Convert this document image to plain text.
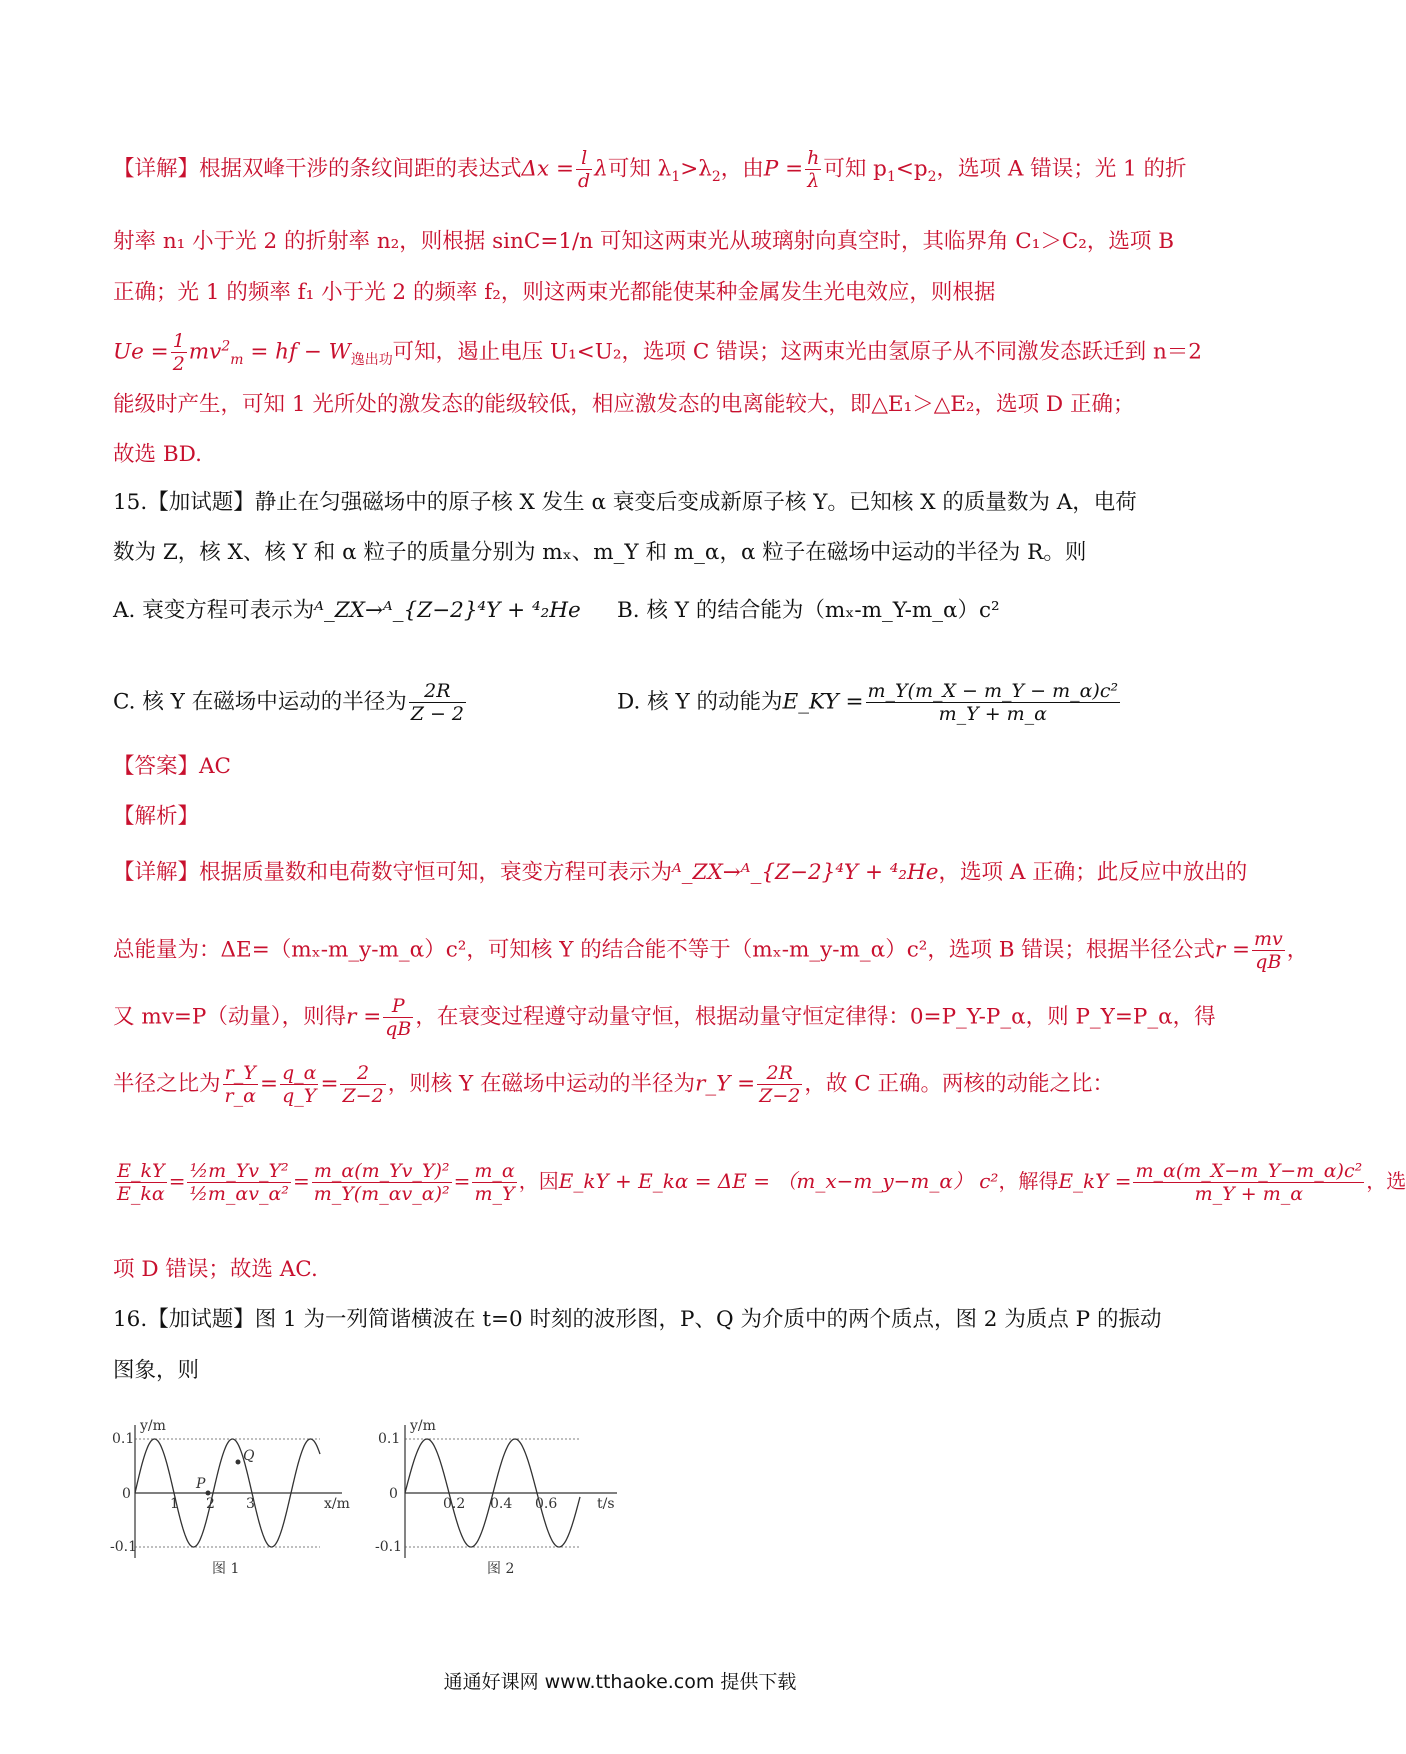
【详解】根据双峰干涉的条纹间距的表达式$\Delta x = \frac{l}{d}$ λ可知 $\lambda_1>\lambda_2$，由$P = \frac{h}{\lambda}$ 可知 $p_1<p_2$，选项 A 错误；光 1 的折
射率 n₁ 小于光 2 的折射率 n₂，则根据 sinC=1/n 可知这两束光从玻璃射向真空时，其临界角 C₁＞C₂，选项 B
正确；光 1 的频率 f₁ 小于光 2 的频率 f₂，则这两束光都能使某种金属发生光电效应，则根据
$Ue = \frac{1}{2} mv^2_m$ = hf − $W_{逸出功}$可知，遏止电压 U₁<U₂，选项 C 错误；这两束光由氢原子从不同激发态跃迁到 n＝2
能级时产生，可知 1 光所处的激发态的能级较低，相应激发态的电离能较大，即△E₁＞△E₂，选项 D 正确；
故选 BD.
15.【加试题】静止在匀强磁场中的原子核 X 发生 α 衰变后变成新原子核 Y。已知核 X 的质量数为 A，电荷
数为 Z，核 X、核 Y 和 α 粒子的质量分别为 mₓ、m_Y 和 m_α，α 粒子在磁场中运动的半径为 R。则
A. 衰变方程可表示为ᴬ_ZX→ᴬ_{Z−2}⁴Y + ⁴₂He B. 核 Y 的结合能为（mₓ-m_Y-m_α）c²
C. 核 Y 在磁场中运动的半径为 $\frac{2R}{Z - 2}$	D. 核 Y 的动能为E_KY = $\frac{\text{m\_Y(m\_X − m\_Y − m\_α)c²}}{m\_Y + m\_\alpha}$
【答案】AC
【解析】
【详解】根据质量数和电荷数守恒可知，衰变方程可表示为ᴬ_ZX→ᴬ_{Z−2}⁴Y + ⁴₂He，选项 A 正确；此反应中放出的
总能量为：ΔE=（mₓ-m_y-m_α）c²，可知核 Y 的结合能不等于（mₓ-m_y-m_α）c²，选项 B 错误；根据半径公式$r = \frac{mv}{qB}$ ，
又 mv=P（动量），则得$r = \frac{P}{qB}$ ，在衰变过程遵守动量守恒，根据动量守恒定律得：0=P_Y-P_α，则 P_Y=P_α，得
半径之比为 $\frac{r\_Y}{r\_\alpha} = \frac{q\_\alpha}{q\_Y} = \frac{2}{Z-2}$ ，则核 Y 在磁场中运动的半径为r_Y = $\frac{2R}{Z-2}$ ，故 C 正确。两核的动能之比：
$\frac{E\_kY}{E\_k\alpha} = \frac{\text{½m\_Yv\_Y²}}{\text{½m\_αv\_α²}} = \frac{\text{m\_α(m\_Yv\_Y)²}}{\text{m\_Y(m\_αv\_α)²}} = \frac{m\_\alpha}{m\_Y}$ ，因E_kY + E_kα = ΔE = （m_x−m_y−m_α） c²，解得E_kY = $\frac{\text{m\_α(m\_X−m\_Y−m\_α)c²}}{m\_Y + m\_\alpha}$ ，选
项 D 错误；故选 AC.
16.【加试题】图 1 为一列简谐横波在 t=0 时刻的波形图，P、Q 为介质中的两个质点，图 2 为质点 P 的振动
图象，则
y/m
x/m
0.1
0
-0.1
1 2 3
P
Q
图 1
y/m
t/s
0.1
0
-0.1
0.2 0.4 0.6
图 2
通通好课网 www.tthaoke.com 提供下载
